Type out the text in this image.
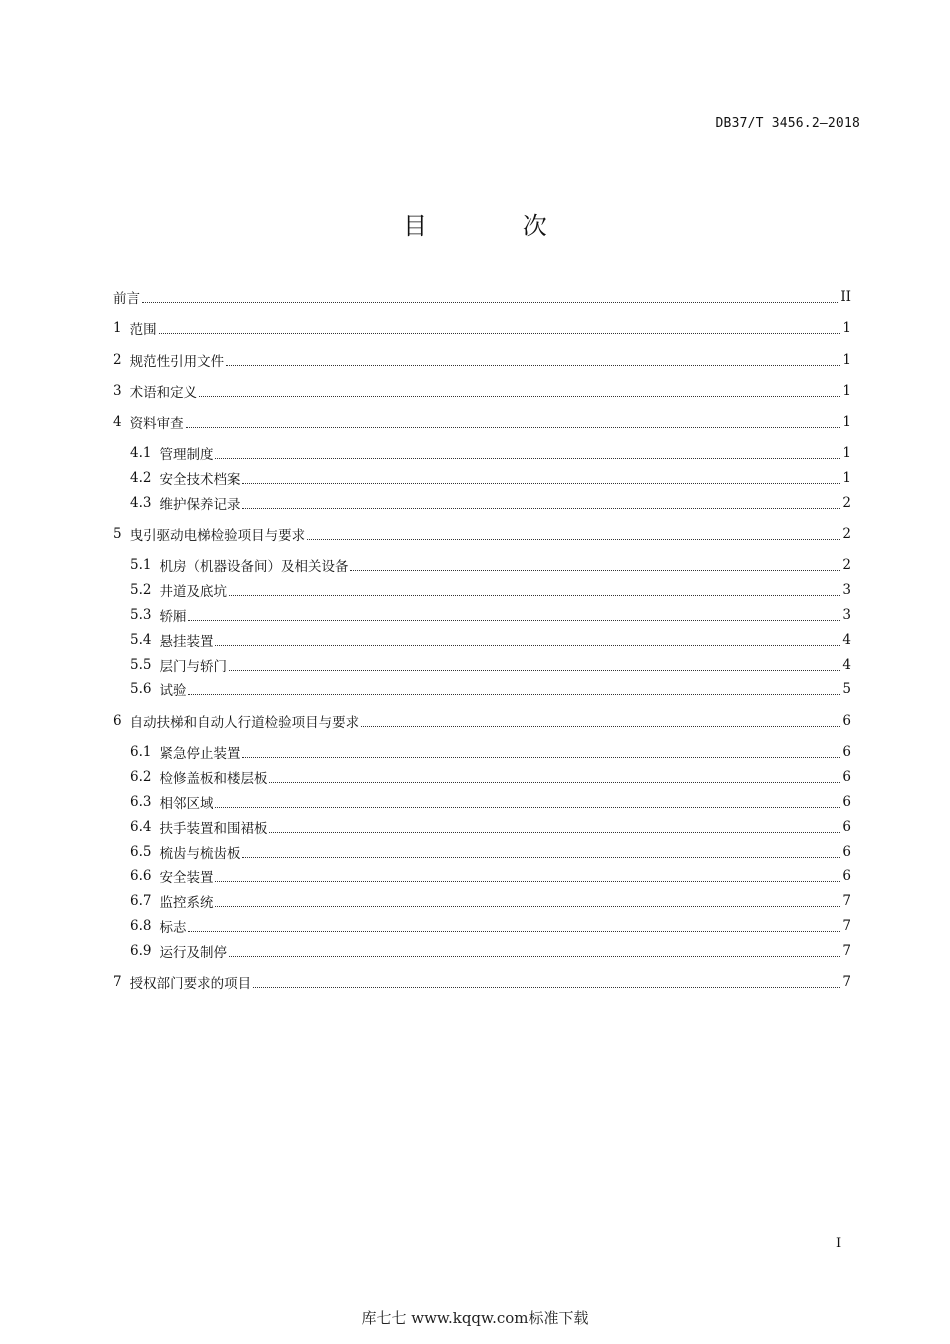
DB37/T 3456.2—2018
目 次
前言	II
1 范围	1
2 规范性引用文件	1
3 术语和定义	1
4 资料审查	1
4.1 管理制度	1
4.2 安全技术档案	1
4.3 维护保养记录	2
5 曳引驱动电梯检验项目与要求	2
5.1 机房（机器设备间）及相关设备	2
5.2 井道及底坑	3
5.3 轿厢	3
5.4 悬挂装置	4
5.5 层门与轿门	4
5.6 试验	5
6 自动扶梯和自动人行道检验项目与要求	6
6.1 紧急停止装置	6
6.2 检修盖板和楼层板	6
6.3 相邻区域	6
6.4 扶手装置和围裙板	6
6.5 梳齿与梳齿板	6
6.6 安全装置	6
6.7 监控系统	7
6.8 标志	7
6.9 运行及制停	7
7 授权部门要求的项目	7
I
库七七 www.kqqw.com标准下载
